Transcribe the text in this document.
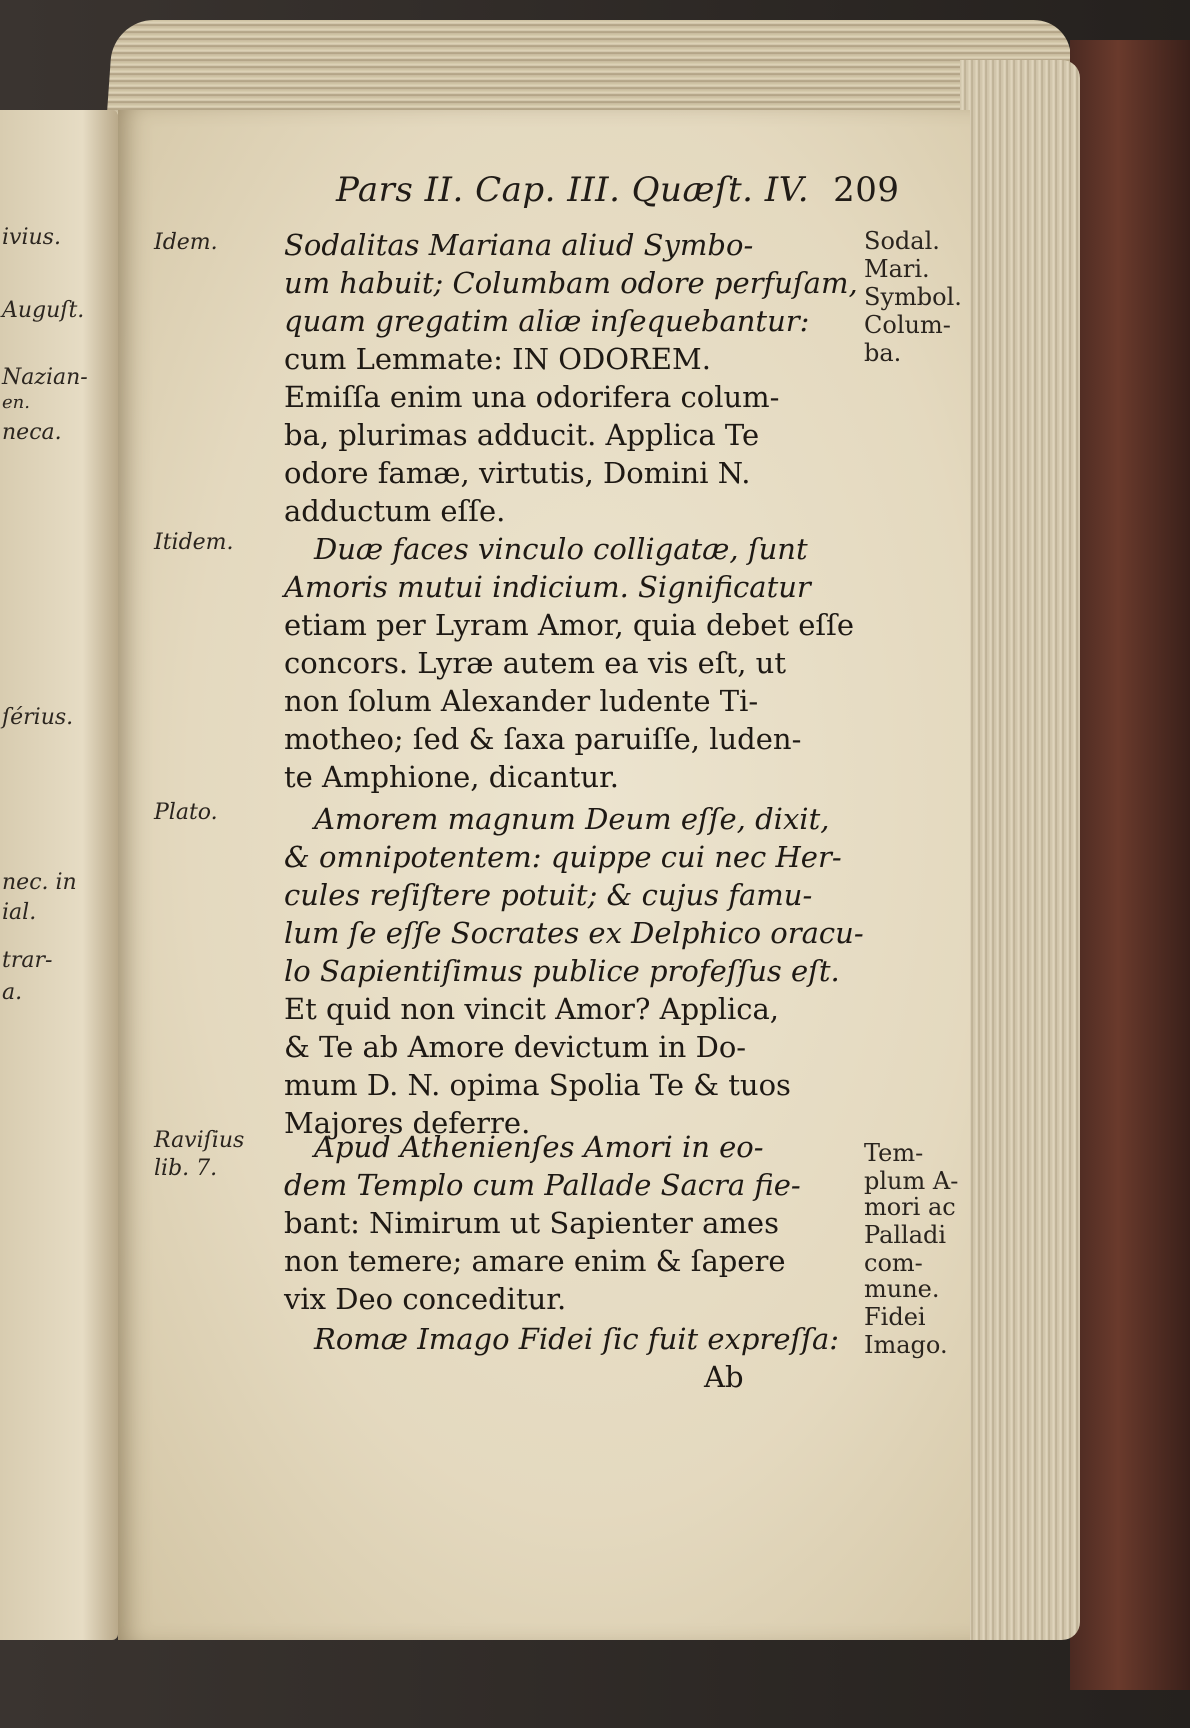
ivius.
Auguſt.
Nazian-
en.
neca.
ſérius.
nec. in
ial.
trar-
a.
Pars II. Cap. III. Quæſt. IV. 209
Idem.
Itidem.
Plato.
Raviſius
lib. 7.
Sodal.
Mari.
Symbol.
Colum-
ba.
Tem-
plum A-
mori ac
Palladi
com-
mune.
Fidei
Imago.
Sodalitas Mariana aliud Symbo-
um habuit; Columbam odore perfuſam,
quam gregatim aliæ inſequebantur:
cum Lemmate: IN ODOREM.
Emiſſa enim una odorifera colum-
ba, plurimas adducit. Applica Te
odore famæ, virtutis, Domini N.
adductum eſſe.
Duæ faces vinculo colligatæ, ſunt
Amoris mutui indicium. Significatur
etiam per Lyram Amor, quia debet eſſe
concors. Lyræ autem ea vis eſt, ut
non ſolum Alexander ludente Ti-
motheo; ſed & ſaxa paruiſſe, luden-
te Amphione, dicantur.
Amorem magnum Deum eſſe, dixit,
& omnipotentem: quippe cui nec Her-
cules reſiſtere potuit; & cujus famu-
lum ſe eſſe Socrates ex Delphico oracu-
lo Sapientiſimus publice profeſſus eſt.
Et quid non vincit Amor? Applica,
& Te ab Amore devictum in Do-
mum D. N. opima Spolia Te & tuos
Majores deferre.
Apud Athenienſes Amori in eo-
dem Templo cum Pallade Sacra fie-
bant: Nimirum ut Sapienter ames
non temere; amare enim & ſapere
vix Deo conceditur.
Romæ Imago Fidei ſic fuit expreſſa:
Ab
